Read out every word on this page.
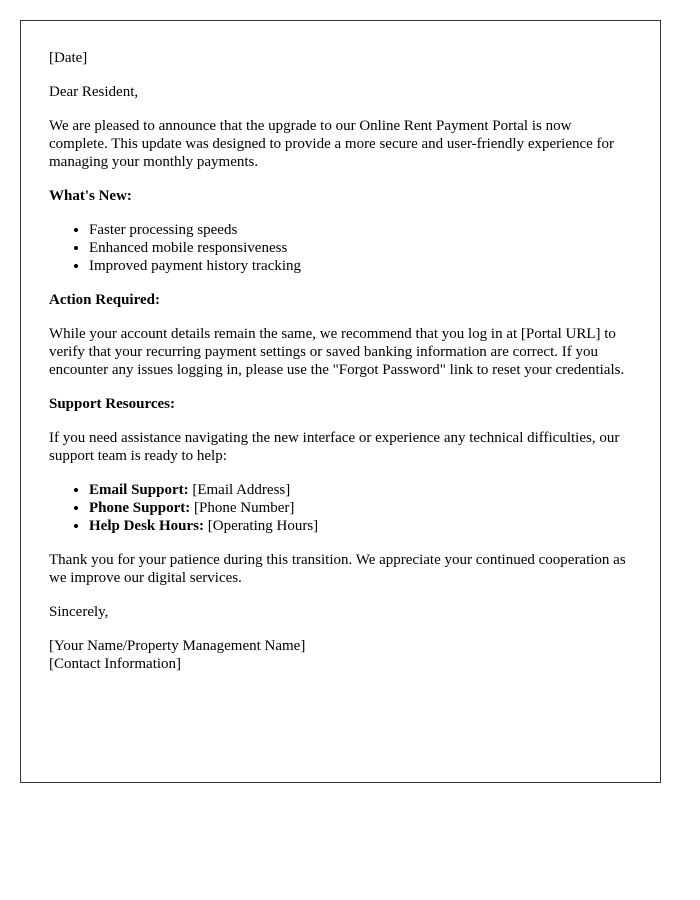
[Date]

Dear Resident,

We are pleased to announce that the upgrade to our Online Rent Payment Portal is now complete. This update was designed to provide a more secure and user-friendly experience for managing your monthly payments.

What's New:

• Faster processing speeds
• Enhanced mobile responsiveness
• Improved payment history tracking

Action Required:

While your account details remain the same, we recommend that you log in at [Portal URL] to verify that your recurring payment settings or saved banking information are correct. If you encounter any issues logging in, please use the "Forgot Password" link to reset your credentials.

Support Resources:

If you need assistance navigating the new interface or experience any technical difficulties, our support team is ready to help:

• Email Support: [Email Address]
• Phone Support: [Phone Number]
• Help Desk Hours: [Operating Hours]

Thank you for your patience during this transition. We appreciate your continued cooperation as we improve our digital services.

Sincerely,

[Your Name/Property Management Name]
[Contact Information]
